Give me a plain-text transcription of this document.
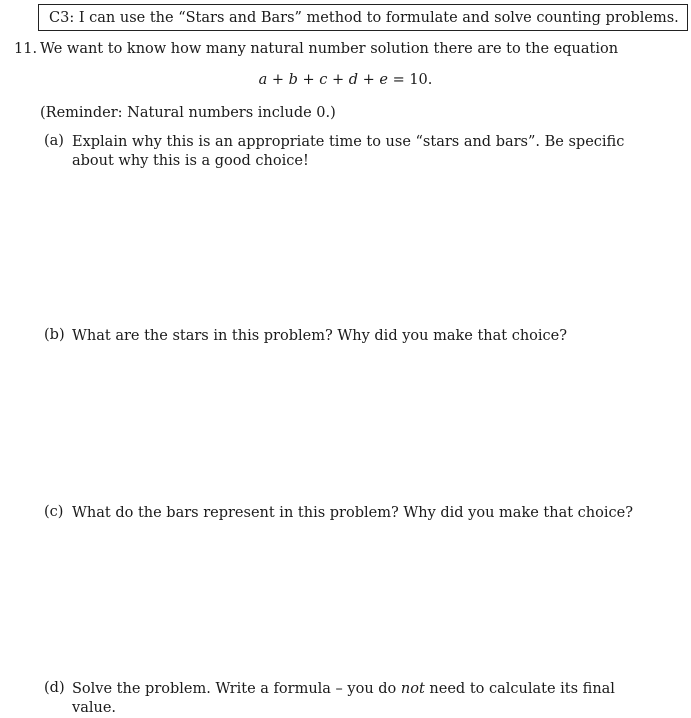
C3: I can use the “Stars and Bars” method to formulate and solve counting problems.
11. We want to know how many natural number solution there are to the equation
a + b + c + d + e = 10.
(Reminder: Natural numbers include 0.)
(a) Explain why this is an appropriate time to use “stars and bars”. Be specific about why this is a good choice!
(b) What are the stars in this problem? Why did you make that choice?
(c) What do the bars represent in this problem? Why did you make that choice?
(d) Solve the problem. Write a formula – you do not need to calculate its final value.
